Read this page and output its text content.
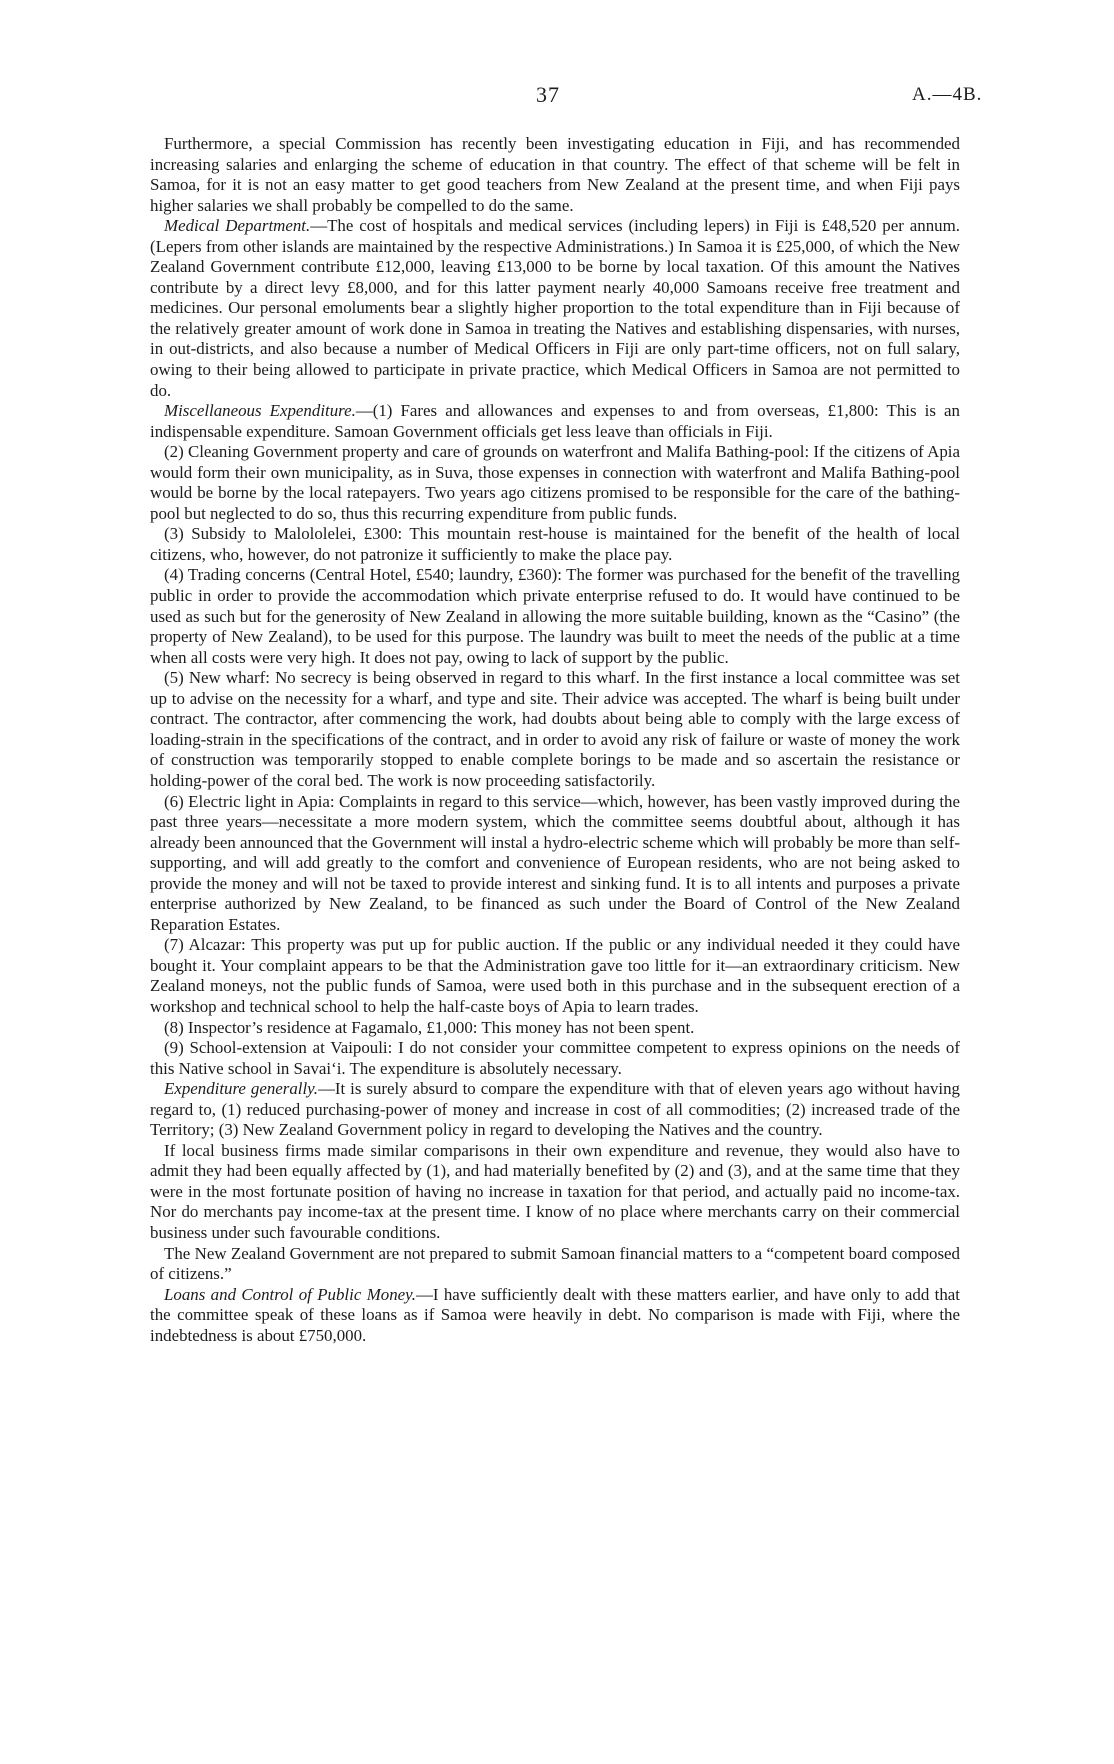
37	A.—4B.

Furthermore, a special Commission has recently been investigating education in Fiji, and has recommended increasing salaries and enlarging the scheme of education in that country. The effect of that scheme will be felt in Samoa, for it is not an easy matter to get good teachers from New Zealand at the present time, and when Fiji pays higher salaries we shall probably be compelled to do the same.

Medical Department.—The cost of hospitals and medical services (including lepers) in Fiji is £48,520 per annum. (Lepers from other islands are maintained by the respective Administrations.) In Samoa it is £25,000, of which the New Zealand Government contribute £12,000, leaving £13,000 to be borne by local taxation. Of this amount the Natives contribute by a direct levy £8,000, and for this latter payment nearly 40,000 Samoans receive free treatment and medicines. Our personal emoluments bear a slightly higher proportion to the total expenditure than in Fiji because of the relatively greater amount of work done in Samoa in treating the Natives and establishing dispensaries, with nurses, in out-districts, and also because a number of Medical Officers in Fiji are only part-time officers, not on full salary, owing to their being allowed to participate in private practice, which Medical Officers in Samoa are not permitted to do.

Miscellaneous Expenditure.—(1) Fares and allowances and expenses to and from overseas, £1,800: This is an indispensable expenditure. Samoan Government officials get less leave than officials in Fiji.

(2) Cleaning Government property and care of grounds on waterfront and Malifa Bathing-pool: If the citizens of Apia would form their own municipality, as in Suva, those expenses in connection with waterfront and Malifa Bathing-pool would be borne by the local ratepayers. Two years ago citizens promised to be responsible for the care of the bathing-pool but neglected to do so, thus this recurring expenditure from public funds.

(3) Subsidy to Malololelei, £300: This mountain rest-house is maintained for the benefit of the health of local citizens, who, however, do not patronize it sufficiently to make the place pay.

(4) Trading concerns (Central Hotel, £540; laundry, £360): The former was purchased for the benefit of the travelling public in order to provide the accommodation which private enterprise refused to do. It would have continued to be used as such but for the generosity of New Zealand in allowing the more suitable building, known as the “Casino” (the property of New Zealand), to be used for this purpose. The laundry was built to meet the needs of the public at a time when all costs were very high. It does not pay, owing to lack of support by the public.

(5) New wharf: No secrecy is being observed in regard to this wharf. In the first instance a local committee was set up to advise on the necessity for a wharf, and type and site. Their advice was accepted. The wharf is being built under contract. The contractor, after commencing the work, had doubts about being able to comply with the large excess of loading-strain in the specifications of the contract, and in order to avoid any risk of failure or waste of money the work of construction was temporarily stopped to enable complete borings to be made and so ascertain the resistance or holding-power of the coral bed. The work is now proceeding satisfactorily.

(6) Electric light in Apia: Complaints in regard to this service—which, however, has been vastly improved during the past three years—necessitate a more modern system, which the committee seems doubtful about, although it has already been announced that the Government will instal a hydro-electric scheme which will probably be more than self-supporting, and will add greatly to the comfort and convenience of European residents, who are not being asked to provide the money and will not be taxed to provide interest and sinking fund. It is to all intents and purposes a private enterprise authorized by New Zealand, to be financed as such under the Board of Control of the New Zealand Reparation Estates.

(7) Alcazar: This property was put up for public auction. If the public or any individual needed it they could have bought it. Your complaint appears to be that the Administration gave too little for it—an extraordinary criticism. New Zealand moneys, not the public funds of Samoa, were used both in this purchase and in the subsequent erection of a workshop and technical school to help the half-caste boys of Apia to learn trades.

(8) Inspector’s residence at Fagamalo, £1,000: This money has not been spent.

(9) School-extension at Vaipouli: I do not consider your committee competent to express opinions on the needs of this Native school in Savai‘i. The expenditure is absolutely necessary.

Expenditure generally.—It is surely absurd to compare the expenditure with that of eleven years ago without having regard to, (1) reduced purchasing-power of money and increase in cost of all commodities; (2) increased trade of the Territory; (3) New Zealand Government policy in regard to developing the Natives and the country.

If local business firms made similar comparisons in their own expenditure and revenue, they would also have to admit they had been equally affected by (1), and had materially benefited by (2) and (3), and at the same time that they were in the most fortunate position of having no increase in taxation for that period, and actually paid no income-tax. Nor do merchants pay income-tax at the present time. I know of no place where merchants carry on their commercial business under such favourable conditions.

The New Zealand Government are not prepared to submit Samoan financial matters to a “competent board composed of citizens.”

Loans and Control of Public Money.—I have sufficiently dealt with these matters earlier, and have only to add that the committee speak of these loans as if Samoa were heavily in debt. No comparison is made with Fiji, where the indebtedness is about £750,000.
